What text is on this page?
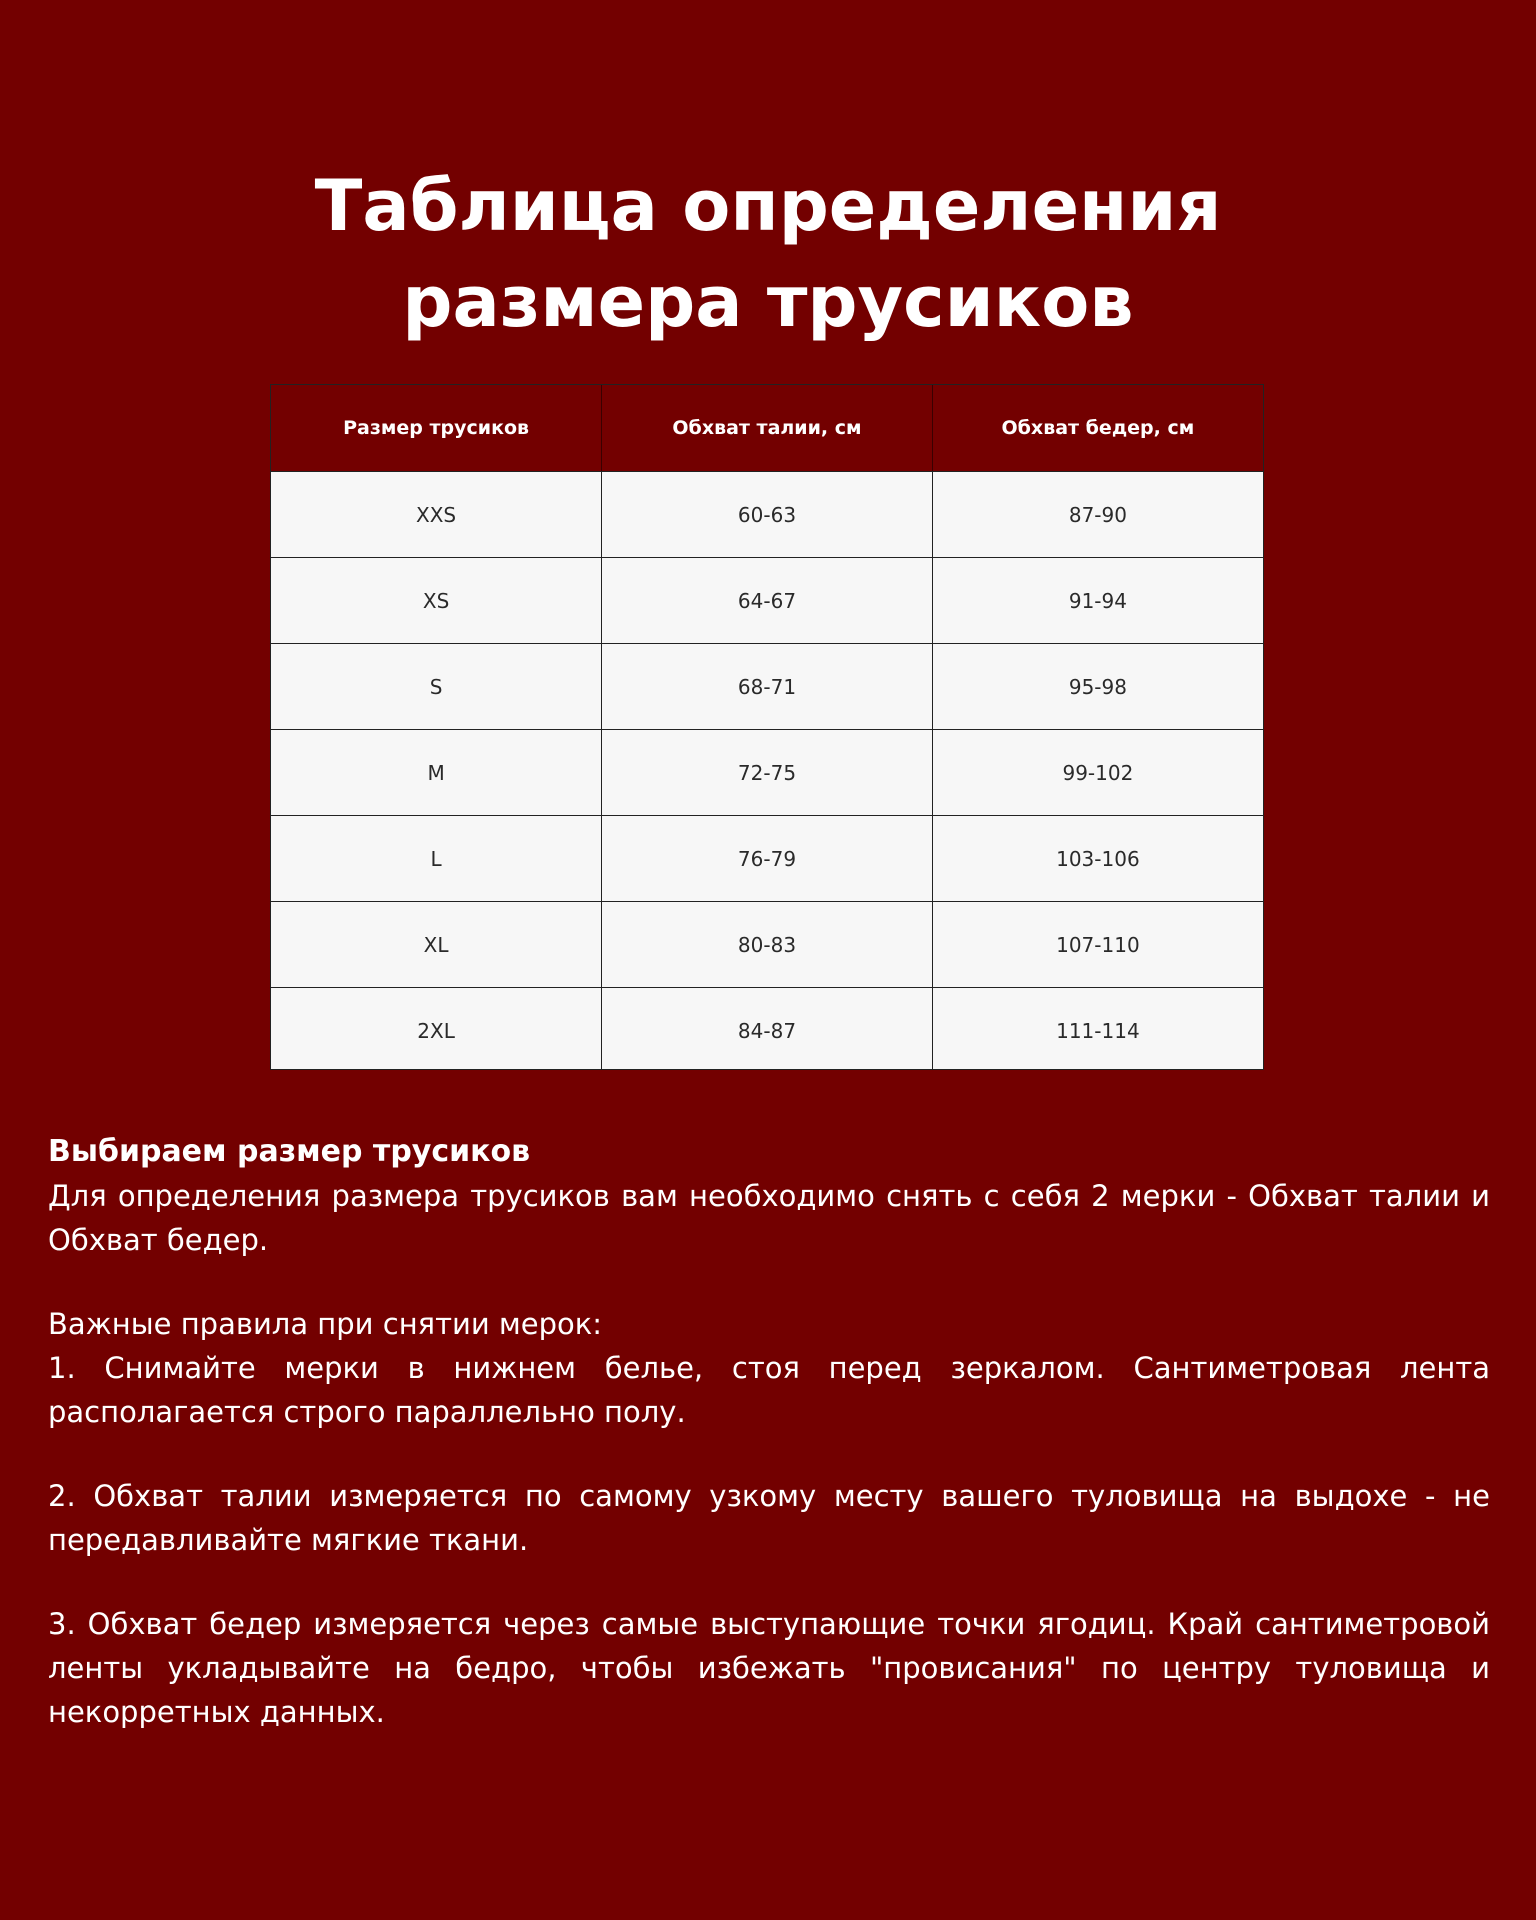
Таблица определения
размера трусиков
Размер трусиков	Обхват талии, см	Обхват бедер, см
XXS	60-63	87-90
XS	64-67	91-94
S	68-71	95-98
M	72-75	99-102
L	76-79	103-106
XL	80-83	107-110
2XL	84-87	111-114
Выбираем размер трусиков

Для определения размера трусиков вам необходимо снять с себя 2 мерки - Обхват талии и Обхват бедер.

Важные правила при снятии мерок:

1. Снимайте мерки в нижнем белье, стоя перед зеркалом. Сантиметровая лента располагается строго параллельно полу.

2. Обхват талии измеряется по самому узкому месту вашего туловища на выдохе - не передавливайте мягкие ткани.

3. Обхват бедер измеряется через самые выступающие точки ягодиц. Край сантиметровой ленты укладывайте на бедро, чтобы избежать "провисания" по центру туловища и некорретных данных.
